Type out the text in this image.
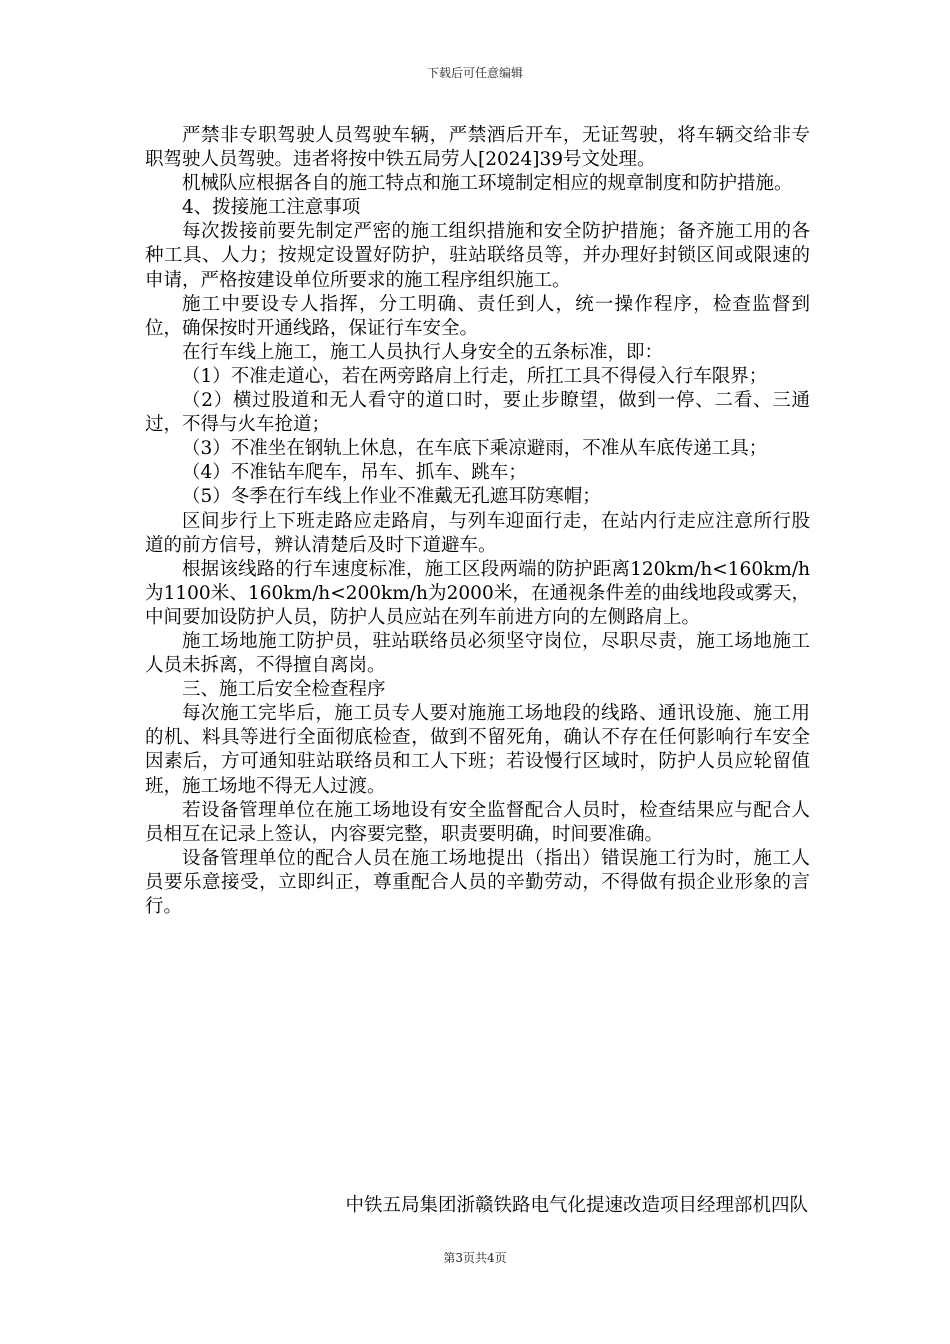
下载后可任意编辑

严禁非专职驾驶人员驾驶车辆，严禁酒后开车，无证驾驶，将车辆交给非专职驾驶人员驾驶。违者将按中铁五局劳人[2024]39号文处理。

机械队应根据各自的施工特点和施工环境制定相应的规章制度和防护措施。

4、拨接施工注意事项

每次拨接前要先制定严密的施工组织措施和安全防护措施；备齐施工用的各种工具、人力；按规定设置好防护，驻站联络员等，并办理好封锁区间或限速的申请，严格按建设单位所要求的施工程序组织施工。

施工中要设专人指挥，分工明确、责任到人，统一操作程序，检查监督到位，确保按时开通线路，保证行车安全。

在行车线上施工，施工人员执行人身安全的五条标准，即：

（1）不准走道心，若在两旁路肩上行走，所扛工具不得侵入行车限界；

（2）横过股道和无人看守的道口时，要止步瞭望，做到一停、二看、三通过，不得与火车抢道；

（3）不准坐在钢轨上休息，在车底下乘凉避雨，不准从车底传递工具；

（4）不准钻车爬车，吊车、抓车、跳车；

（5）冬季在行车线上作业不准戴无孔遮耳防寒帽；

区间步行上下班走路应走路肩，与列车迎面行走，在站内行走应注意所行股道的前方信号，辨认清楚后及时下道避车。

根据该线路的行车速度标准，施工区段两端的防护距离120km/h<160km/h为1100米、160km/h<200km/h为2000米，在通视条件差的曲线地段或雾天，中间要加设防护人员，防护人员应站在列车前进方向的左侧路肩上。

施工场地施工防护员，驻站联络员必须坚守岗位，尽职尽责，施工场地施工人员未拆离，不得擅自离岗。

三、施工后安全检查程序

每次施工完毕后，施工员专人要对施施工场地段的线路、通讯设施、施工用的机、料具等进行全面彻底检查，做到不留死角，确认不存在任何影响行车安全因素后，方可通知驻站联络员和工人下班；若设慢行区域时，防护人员应轮留值班，施工场地不得无人过渡。

若设备管理单位在施工场地设有安全监督配合人员时，检查结果应与配合人员相互在记录上签认，内容要完整，职责要明确，时间要准确。

设备管理单位的配合人员在施工场地提出（指出）错误施工行为时，施工人员要乐意接受，立即纠正，尊重配合人员的辛勤劳动，不得做有损企业形象的言行。

中铁五局集团浙赣铁路电气化提速改造项目经理部机四队
第3页共4页
